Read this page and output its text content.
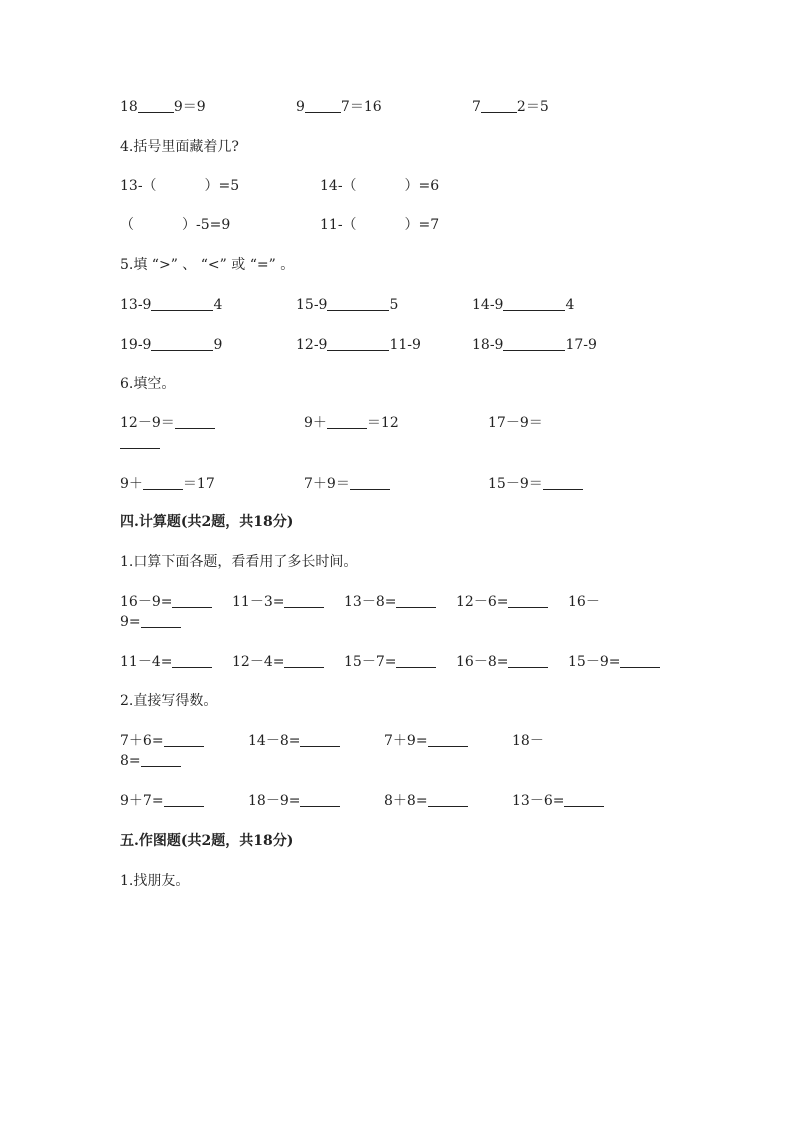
18	9＝9	9	7＝16	7	2＝5
4.括号里面藏着几?
13-（	）=5	14-（	）=6
（	）-5=9	11-（	）=7
5.填 “>” 、 “<” 或 “=” 。
13-9	4	15-9	5	14-9	4
19-9	9	12-9	11-9	18-9	17-9
6.填空。
12－9＝	9＋	＝12	17－9＝
9＋	＝17	7＋9＝	15－9＝
四.计算题(共2题，共18分)
1.口算下面各题，看看用了多长时间。
16－9=	11－3=	13－8=	12－6=	16－
9=
11－4=	12－4=	15－7=	16－8=	15－9=
2.直接写得数。
7＋6=	14－8=	7＋9=	18－
8=
9＋7=	18－9=	8＋8=	13－6=
五.作图题(共2题，共18分)
1.找朋友。
